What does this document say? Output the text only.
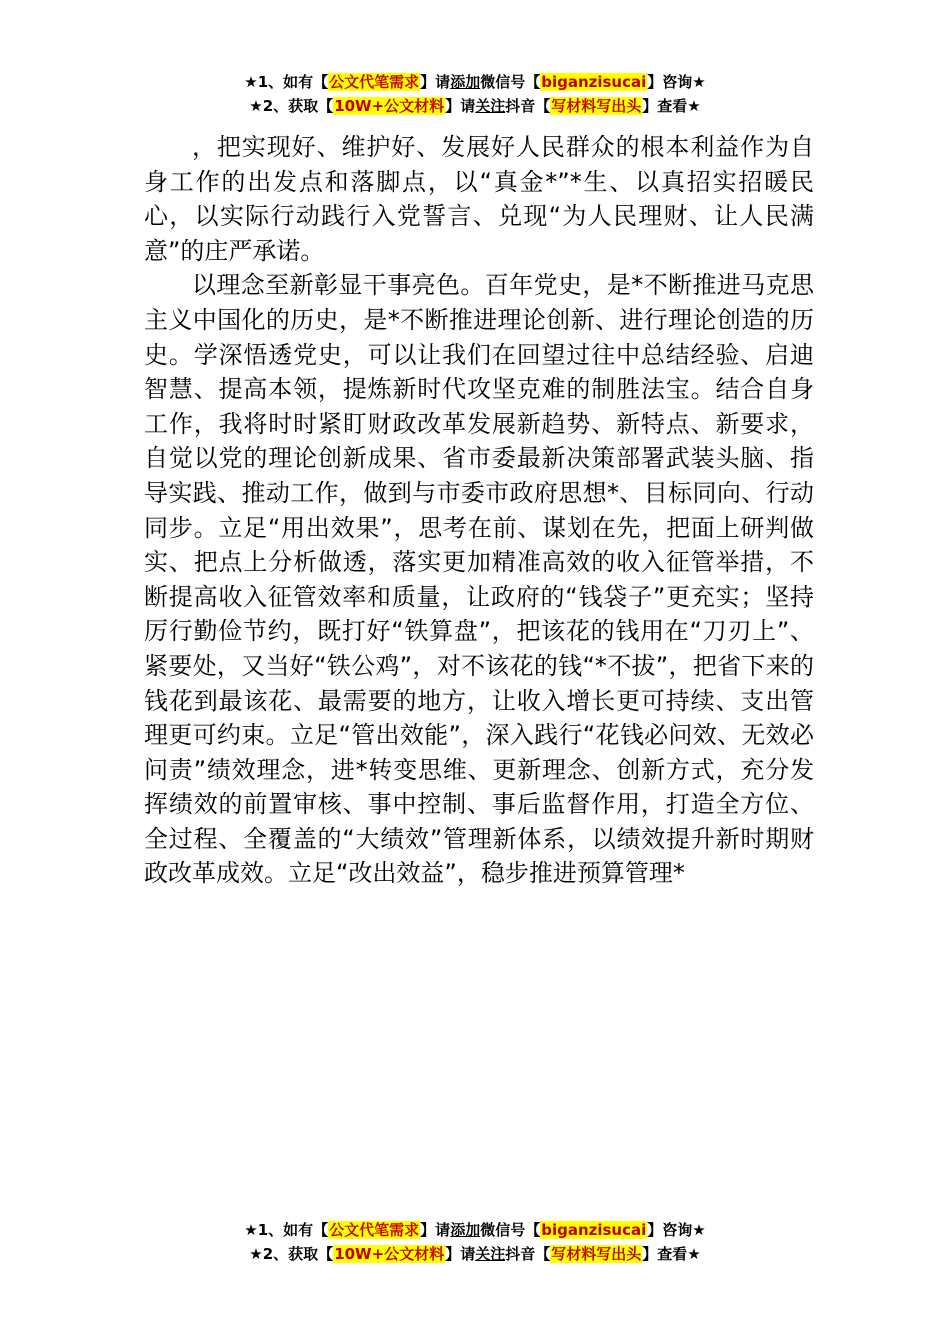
★1、如有【公文代笔需求】请添加微信号【biganzisucai】咨询★
★2、获取【10W+公文材料】请关注抖音【写材料写出头】查看★

，把实现好、维护好、发展好人民群众的根本利益作为自身工作的出发点和落脚点，以“真金*”*生、以真招实招暖民心，以实际行动践行入党誓言、兑现“为人民理财、让人民满意”的庄严承诺。

以理念至新彰显干事亮色。百年党史，是*不断推进马克思主义中国化的历史，是*不断推进理论创新、进行理论创造的历史。学深悟透党史，可以让我们在回望过往中总结经验、启迪智慧、提高本领，提炼新时代攻坚克难的制胜法宝。结合自身工作，我将时时紧盯财政改革发展新趋势、新特点、新要求，自觉以党的理论创新成果、省市委最新决策部署武装头脑、指导实践、推动工作，做到与市委市政府思想*、目标同向、行动同步。立足“用出效果”，思考在前、谋划在先，把面上研判做实、把点上分析做透，落实更加精准高效的收入征管举措，不断提高收入征管效率和质量，让政府的“钱袋子”更充实；坚持厉行勤俭节约，既打好“铁算盘”，把该花的钱用在“刀刃上”、紧要处，又当好“铁公鸡”，对不该花的钱“*不拔”，把省下来的钱花到最该花、最需要的地方，让收入增长更可持续、支出管理更可约束。立足“管出效能”，深入践行“花钱必问效、无效必问责”绩效理念，进*转变思维、更新理念、创新方式，充分发挥绩效的前置审核、事中控制、事后监督作用，打造全方位、全过程、全覆盖的“大绩效”管理新体系，以绩效提升新时期财政改革成效。立足“改出效益”，稳步推进预算管理*

★1、如有【公文代笔需求】请添加微信号【biganzisucai】咨询★
★2、获取【10W+公文材料】请关注抖音【写材料写出头】查看★
